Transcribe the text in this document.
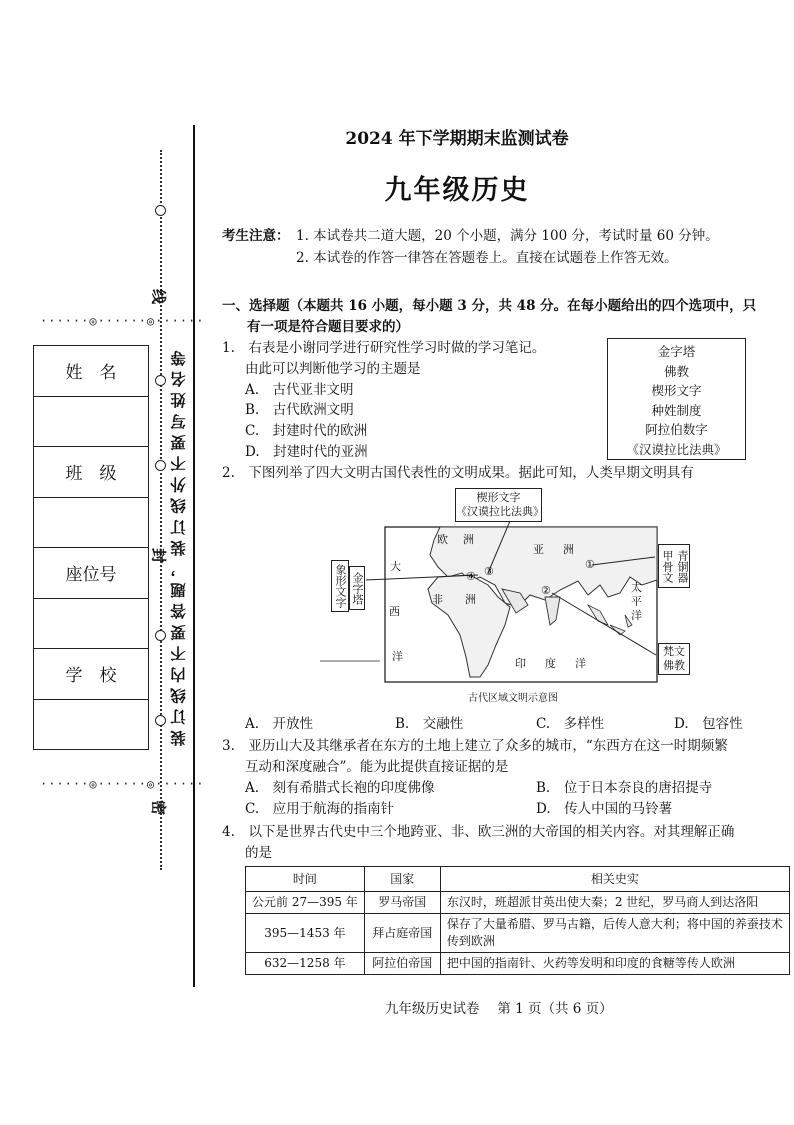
······◎······◎······
······◎······◎······
线
封
密
装订线内不要答题，装订线外不要写姓名等
姓　名

班　级

座位号

学　校

2024 年下学期期末监测试卷
九年级历史
考生注意： 1. 本试卷共二道大题，20 个小题，满分 100 分，考试时量 60 分钟。
2. 本试卷的作答一律答在答题卷上。直接在试题卷上作答无效。
一、选择题（本题共 16 小题，每小题 3 分，共 48 分。在每小题给出的四个选项中，只
有一项是符合题目要求的）
1.　右表是小谢同学进行研究性学习时做的学习笔记。
由此可以判断他学习的主题是
A.　古代亚非文明
B.　古代欧洲文明
C.　封建时代的欧洲
D.　封建时代的亚洲
金字塔
佛教
楔形文字
种姓制度
阿拉伯数字
《汉谟拉比法典》
2.　下图列举了四大文明古国代表性的文明成果。据此可知，人类早期文明具有
楔形文字
《汉谟拉比法典》
象形文字 金字塔
甲骨文 青铜器
梵文
佛教
欧 洲
亚 洲
大
西
洋
非 洲
印　度　洋
太
平
洋
①
②
③
④
古代区域文明示意图
A.　开放性	B.　交融性	C.　多样性	D.　包容性
3.　亚历山大及其继承者在东方的土地上建立了众多的城市，“东西方在这一时期频繁
互动和深度融合”。能为此提供直接证据的是
A.　刻有希腊式长袍的印度佛像	B.　位于日本奈良的唐招提寺
C.　应用于航海的指南针	D.　传人中国的马铃薯
4.　以下是世界古代史中三个地跨亚、非、欧三洲的大帝国的相关内容。对其理解正确
的是
时间	国家	相关史实
公元前 27—395 年	罗马帝国	东汉时，班超派甘英出使大秦；2 世纪，罗马商人到达洛阳
395—1453 年	拜占庭帝国	保存了大量希腊、罗马古籍，后传人意大利；将中国的养蚕技术传到欧洲
632—1258 年	阿拉伯帝国	把中国的指南针、火药等发明和印度的食糖等传人欧洲
九年级历史试卷　 第 1 页（共 6 页）
